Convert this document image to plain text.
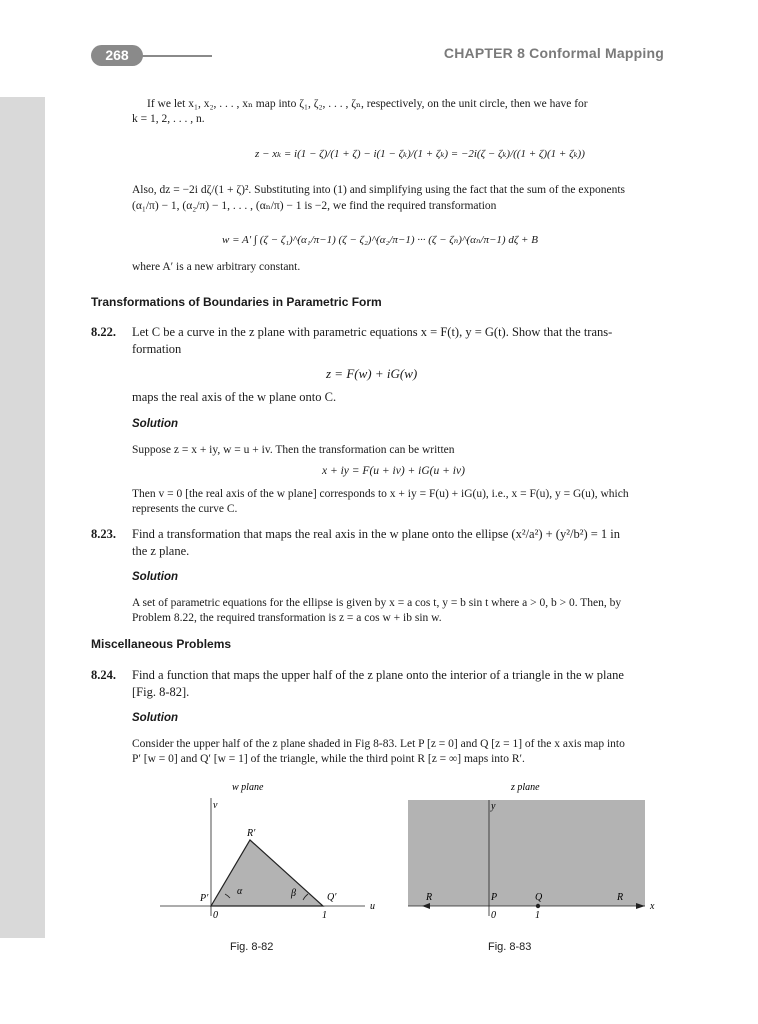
268	CHAPTER 8 Conformal Mapping
If we let x₁, x₂, . . . , xₙ map into ζ₁, ζ₂, . . . , ζₙ, respectively, on the unit circle, then we have for
k = 1, 2, . . . , n.
z − xₖ = i(1 − ζ)/(1 + ζ) − i(1 − ζₖ)/(1 + ζₖ) = −2i(ζ − ζₖ)/((1 + ζ)(1 + ζₖ))
Also, dz = −2i dζ/(1 + ζ)². Substituting into (1) and simplifying using the fact that the sum of the exponents
(α₁/π) − 1, (α₂/π) − 1, . . . , (αₙ/π) − 1 is −2, we find the required transformation
w = A′ ∫ (ζ − ζ₁)^(α₁/π−1) (ζ − ζ₂)^(α₂/π−1) ··· (ζ − ζₙ)^(αₙ/π−1) dζ + B
where A′ is a new arbitrary constant.
Transformations of Boundaries in Parametric Form
8.22. Let C be a curve in the z plane with parametric equations x = F(t), y = G(t). Show that the trans-
formation
z = F(w) + iG(w)
maps the real axis of the w plane onto C.
Solution
Suppose z = x + iy, w = u + iv. Then the transformation can be written
x + iy = F(u + iv) + iG(u + iv)
Then v = 0 [the real axis of the w plane] corresponds to x + iy = F(u) + iG(u), i.e., x = F(u), y = G(u), which
represents the curve C.
8.23. Find a transformation that maps the real axis in the w plane onto the ellipse (x²/a²) + (y²/b²) = 1 in
the z plane.
Solution
A set of parametric equations for the ellipse is given by x = a cos t, y = b sin t where a > 0, b > 0. Then, by
Problem 8.22, the required transformation is z = a cos w + ib sin w.
Miscellaneous Problems
8.24. Find a function that maps the upper half of the z plane onto the interior of a triangle in the w plane
[Fig. 8-82].
Solution
Consider the upper half of the z plane shaded in Fig 8-83. Let P [z = 0] and Q [z = 1] of the x axis map into
P′ [w = 0] and Q′ [w = 1] of the triangle, while the third point R [z = ∞] maps into R′.
w plane
v
u
R′
P′	Q′
α	β
0	1
Fig. 8-82
z plane
y
x
R	P	Q	R
0	1
Fig. 8-83
